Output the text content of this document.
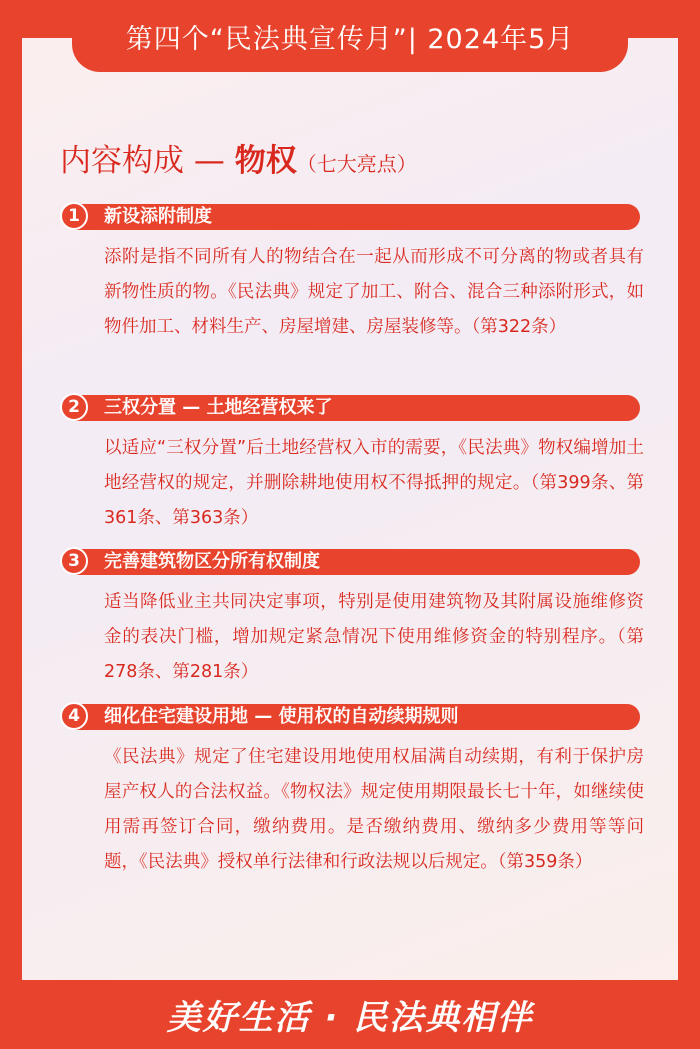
第四个“民法典宣传月”| 2024年5月
内容构成 — 物权（七大亮点）
1	新设添附制度
添附是指不同所有人的物结合在一起从而形成不可分离的物或者具有新物性质的物。《民法典》规定了加工、附合、混合三种添附形式，如物件加工、材料生产、房屋增建、房屋装修等。（第322条）
2	三权分置 — 土地经营权来了
以适应“三权分置”后土地经营权入市的需要，《民法典》物权编增加土地经营权的规定，并删除耕地使用权不得抵押的规定。（第399条、第361条、第363条）
3	完善建筑物区分所有权制度
适当降低业主共同决定事项，特别是使用建筑物及其附属设施维修资金的表决门槛，增加规定紧急情况下使用维修资金的特别程序。（第278条、第281条）
4	细化住宅建设用地 — 使用权的自动续期规则
《民法典》规定了住宅建设用地使用权届满自动续期，有利于保护房屋产权人的合法权益。《物权法》规定使用期限最长七十年，如继续使用需再签订合同，缴纳费用。是否缴纳费用、缴纳多少费用等等问题，《民法典》授权单行法律和行政法规以后规定。（第359条）
美好生活 · 民法典相伴
